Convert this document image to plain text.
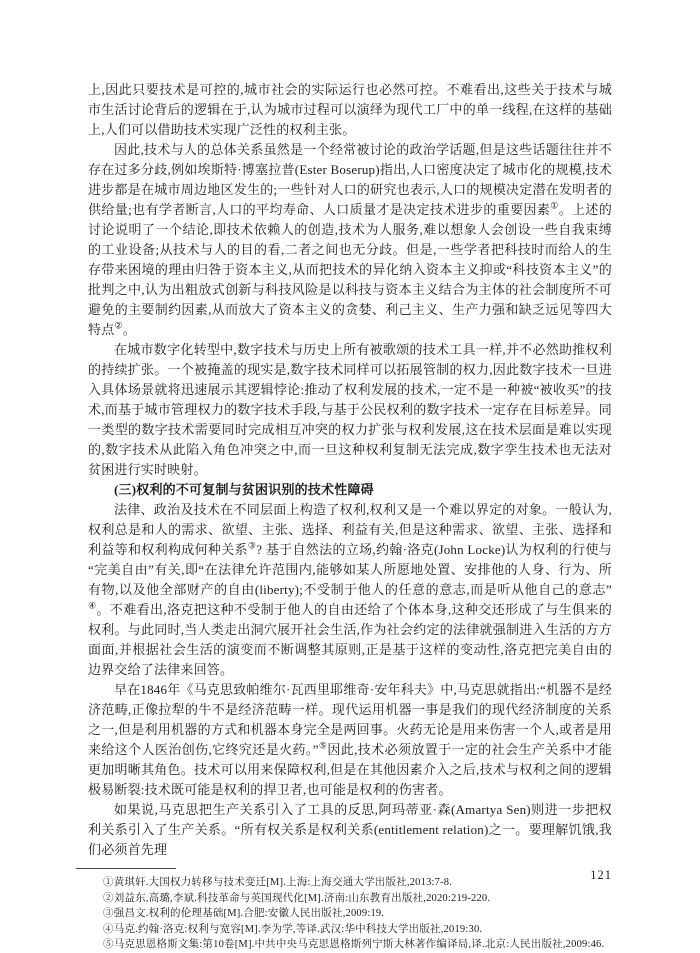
上,因此只要技术是可控的,城市社会的实际运行也必然可控。不难看出,这些关于技术与城市生活讨论背后的逻辑在于,认为城市过程可以演绎为现代工厂中的单一线程,在这样的基础上,人们可以借助技术实现广泛性的权利主张。

因此,技术与人的总体关系虽然是一个经常被讨论的政治学话题,但是这些话题往往并不存在过多分歧,例如埃斯特·博塞拉普(Ester Boserup)指出,人口密度决定了城市化的规模,技术进步都是在城市周边地区发生的;一些针对人口的研究也表示,人口的规模决定潜在发明者的供给量;也有学者断言,人口的平均寿命、人口质量才是决定技术进步的重要因素①。上述的讨论说明了一个结论,即技术依赖人的创造,技术为人服务,难以想象人会创设一些自我束缚的工业设备;从技术与人的目的看,二者之间也无分歧。但是,一些学者把科技时而给人的生存带来困境的理由归咎于资本主义,从而把技术的异化纳入资本主义抑或“科技资本主义”的批判之中,认为出粗放式创新与科技风险是以科技与资本主义结合为主体的社会制度所不可避免的主要制约因素,从而放大了资本主义的贪婪、利己主义、生产力强和缺乏远见等四大特点②。

在城市数字化转型中,数字技术与历史上所有被歌颂的技术工具一样,并不必然助推权利的持续扩张。一个被掩盖的现实是,数字技术同样可以拓展管制的权力,因此数字技术一旦进入具体场景就将迅速展示其逻辑悖论:推动了权利发展的技术,一定不是一种被“被收买”的技术,而基于城市管理权力的数字技术手段,与基于公民权利的数字技术一定存在目标差异。同一类型的数字技术需要同时完成相互冲突的权力扩张与权利发展,这在技术层面是难以实现的,数字技术从此陷入角色冲突之中,而一旦这种权利复制无法完成,数字孪生技术也无法对贫困进行实时映射。

(三)权利的不可复制与贫困识别的技术性障碍

法律、政治及技术在不同层面上构造了权利,权利又是一个难以界定的对象。一般认为,权利总是和人的需求、欲望、主张、选择、利益有关,但是这种需求、欲望、主张、选择和利益等和权利构成何种关系③? 基于自然法的立场,约翰·洛克(John Locke)认为权利的行使与“完美自由”有关,即“在法律允许范围内,能够如某人所愿地处置、安排他的人身、行为、所有物,以及他全部财产的自由(liberty);不受制于他人的任意的意志,而是听从他自己的意志”④。不难看出,洛克把这种不受制于他人的自由还给了个体本身,这种交还形成了与生俱来的权利。与此同时,当人类走出洞穴展开社会生活,作为社会约定的法律就强制进入生活的方方面面,并根据社会生活的演变而不断调整其原则,正是基于这样的变动性,洛克把完美自由的边界交给了法律来回答。

早在1846年《马克思致帕维尔·瓦西里耶维奇·安年科夫》中,马克思就指出:“机器不是经济范畴,正像拉犁的牛不是经济范畴一样。现代运用机器一事是我们的现代经济制度的关系之一,但是利用机器的方式和机器本身完全是两回事。火药无论是用来伤害一个人,或者是用来给这个人医治创伤,它终究还是火药。”⑤因此,技术必须放置于一定的社会生产关系中才能更加明晰其角色。技术可以用来保障权利,但是在其他因素介入之后,技术与权利之间的逻辑极易断裂:技术既可能是权利的捍卫者,也可能是权利的伤害者。

如果说,马克思把生产关系引入了工具的反思,阿玛蒂亚·森(Amartya Sen)则进一步把权利关系引入了生产关系。“所有权关系是权利关系(entitlement relation)之一。要理解饥饿,我们必须首先理

①黄琪轩.大国权力转移与技术变迁[M].上海:上海交通大学出版社,2013:7-8.

②刘益东,高璐,李斌.科技革命与英国现代化[M].济南:山东教育出版社,2020:219-220.

③强昌文.权利的伦理基础[M].合肥:安徽人民出版社,2009:19.

④马克.约翰·洛克:权利与宽容[M].李为学,等译.武汉:华中科技大学出版社,2019:30.

⑤马克思恩格斯文集:第10卷[M].中共中央马克思恩格斯列宁斯大林著作编译局,译.北京:人民出版社,2009:46.

121
